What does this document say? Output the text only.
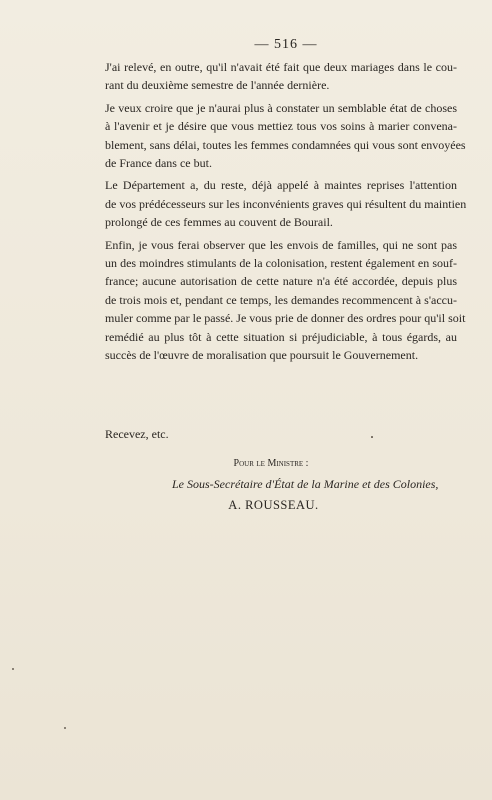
— 516 —

J'ai relevé, en outre, qu'il n'avait été fait que deux mariages dans le cou-
rant du deuxième semestre de l'année dernière.

Je veux croire que je n'aurai plus à constater un semblable état de choses
à l'avenir et je désire que vous mettiez tous vos soins à marier convena-
blement, sans délai, toutes les femmes condamnées qui vous sont envoyées
de France dans ce but.

Le Département a, du reste, déjà appelé à maintes reprises l'attention
de vos prédécesseurs sur les inconvénients graves qui résultent du maintien
prolongé de ces femmes au couvent de Bourail.

Enfin, je vous ferai observer que les envois de familles, qui ne sont pas
un des moindres stimulants de la colonisation, restent également en souf-
france; aucune autorisation de cette nature n'a été accordée, depuis plus
de trois mois et, pendant ce temps, les demandes recommencent à s'accu-
muler comme par le passé. Je vous prie de donner des ordres pour qu'il soit
remédié au plus tôt à cette situation si préjudiciable, à tous égards, au
succès de l'œuvre de moralisation que poursuit le Gouvernement.

Recevez, etc.
Pour le Ministre :
Le Sous-Secrétaire d'État de la Marine et des Colonies,
A. ROUSSEAU.
